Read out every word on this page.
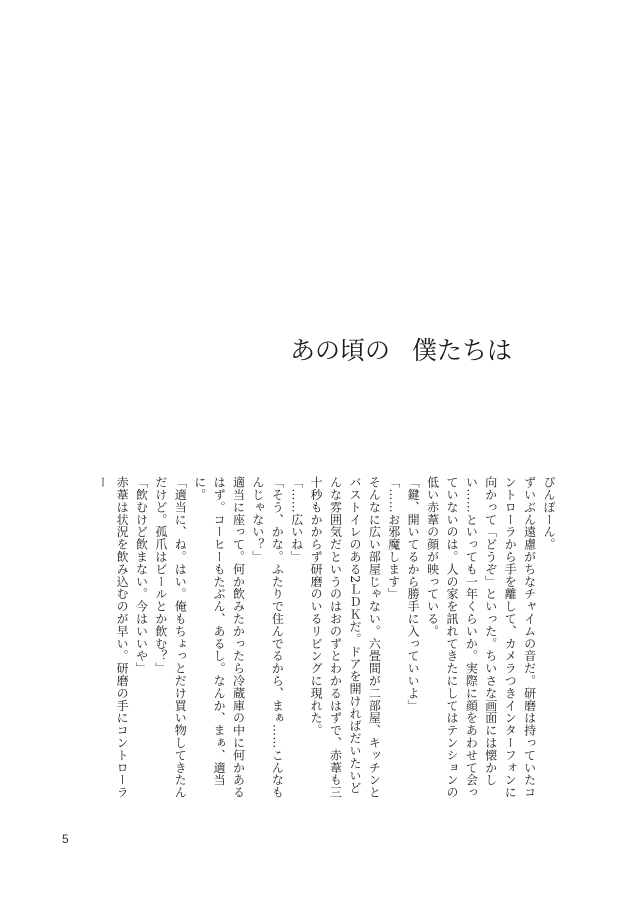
あの頃の 僕たちは

ぴんぽーん。

ずいぶん遠慮がちなチャイムの音だ。研磨は持っていたコントローラから手を離して、カメラつきインターフォンに向かって「どうぞ」といった。ちいさな画面には懐かしい……といっても一年くらいか。実際に顔をあわせて会っていないのは。人の家を訊れてきたにしてはテンションの低い赤葦の顔が映っている。

「鍵、開いてるから勝手に入っていいよ」

「……お邪魔します」

そんなに広い部屋じゃない。六畳間が二部屋、キッチンとバストイレのある2ＬＤＫだ。ドアを開ければだいたいどんな雰囲気だというのはおのずとわかるはずで、赤葦も三十秒もかからず研磨のいるリビングに現れた。

「……広いね」

「そう、かな。ふたりで住んでるから、まぁ……こんなもんじゃない？」

適当に座って。何か飲みたかったら冷蔵庫の中に何かあるはず。コーヒーもたぶん、あるし。なんか、まぁ、適当に。

「適当に、ね。はい。俺もちょっとだけ買い物してきたんだけど。孤爪はビールとか飲む？」

「飲むけど飲まない。今はいいや」

赤葦は状況を飲み込むのが早い。研磨の手にコントローラー

5
